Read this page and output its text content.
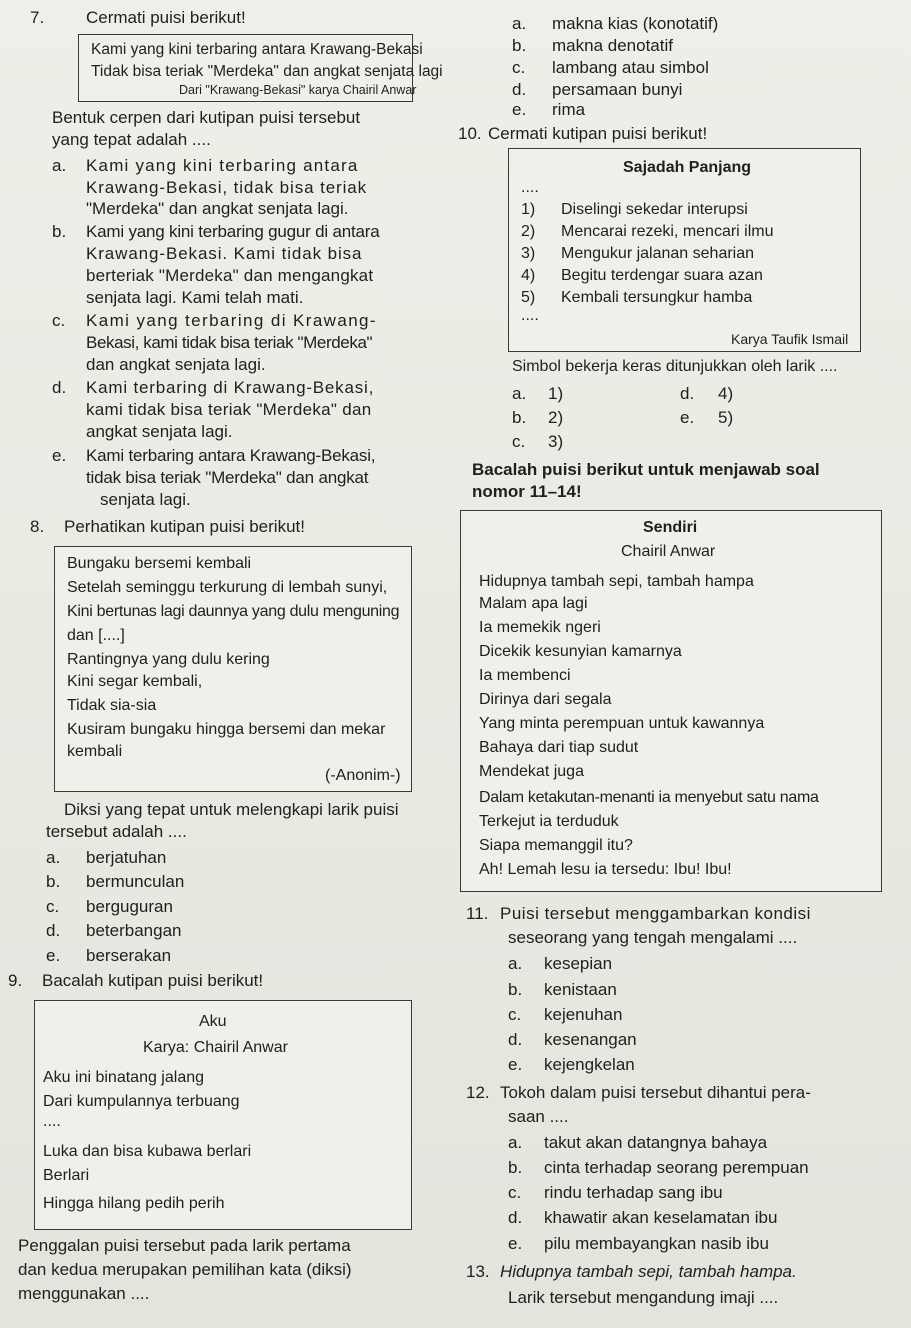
7. Cermati puisi berikut!
Kami yang kini terbaring antara Krawang-Bekasi
Tidak bisa teriak "Merdeka" dan angkat senjata lagi
Dari "Krawang-Bekasi" karya Chairil Anwar
Bentuk cerpen dari kutipan puisi tersebut
yang tepat adalah ....
a. Kami yang kini terbaring antara
Krawang-Bekasi, tidak bisa teriak
"Merdeka" dan angkat senjata lagi.
b. Kami yang kini terbaring gugur di antara
Krawang-Bekasi. Kami tidak bisa
berteriak "Merdeka" dan mengangkat
senjata lagi. Kami telah mati.
c. Kami yang terbaring di Krawang-
Bekasi, kami tidak bisa teriak "Merdeka"
dan angkat senjata lagi.
d. Kami terbaring di Krawang-Bekasi,
kami tidak bisa teriak "Merdeka" dan
angkat senjata lagi.
e. Kami terbaring antara Krawang-Bekasi,
tidak bisa teriak "Merdeka" dan angkat
senjata lagi.
8. Perhatikan kutipan puisi berikut!
Bungaku bersemi kembali
Setelah seminggu terkurung di lembah sunyi,
Kini bertunas lagi daunnya yang dulu menguning
dan [....]
Rantingnya yang dulu kering
Kini segar kembali,
Tidak sia-sia
Kusiram bungaku hingga bersemi dan mekar
kembali
(-Anonim-)
Diksi yang tepat untuk melengkapi larik puisi
tersebut adalah ....
a. berjatuhan
b. bermunculan
c. berguguran
d. beterbangan
e. berserakan
9. Bacalah kutipan puisi berikut!
Aku
Karya: Chairil Anwar
Aku ini binatang jalang
Dari kumpulannya terbuang
....
Luka dan bisa kubawa berlari
Berlari
Hingga hilang pedih perih
Penggalan puisi tersebut pada larik pertama
dan kedua merupakan pemilihan kata (diksi)
menggunakan ....
a. makna kias (konotatif)
b. makna denotatif
c. lambang atau simbol
d. persamaan bunyi
e. rima
10. Cermati kutipan puisi berikut!
Sajadah Panjang
....
1) Diselingi sekedar interupsi
2) Mencarai rezeki, mencari ilmu
3) Mengukur jalanan seharian
4) Begitu terdengar suara azan
5) Kembali tersungkur hamba
....
Karya Taufik Ismail
Simbol bekerja keras ditunjukkan oleh larik ....
a. 1)
b. 2)
c. 3)
d. 4)
e. 5)
Bacalah puisi berikut untuk menjawab soal
nomor 11–14!
Sendiri
Chairil Anwar
Hidupnya tambah sepi, tambah hampa
Malam apa lagi
Ia memekik ngeri
Dicekik kesunyian kamarnya
Ia membenci
Dirinya dari segala
Yang minta perempuan untuk kawannya
Bahaya dari tiap sudut
Mendekat juga
Dalam ketakutan-menanti ia menyebut satu nama
Terkejut ia terduduk
Siapa memanggil itu?
Ah! Lemah lesu ia tersedu: Ibu! Ibu!
11. Puisi tersebut menggambarkan kondisi
seseorang yang tengah mengalami ....
a. kesepian
b. kenistaan
c. kejenuhan
d. kesenangan
e. kejengkelan
12. Tokoh dalam puisi tersebut dihantui pera-
saan ....
a. takut akan datangnya bahaya
b. cinta terhadap seorang perempuan
c. rindu terhadap sang ibu
d. khawatir akan keselamatan ibu
e. pilu membayangkan nasib ibu
13. Hidupnya tambah sepi, tambah hampa.
Larik tersebut mengandung imaji ....
